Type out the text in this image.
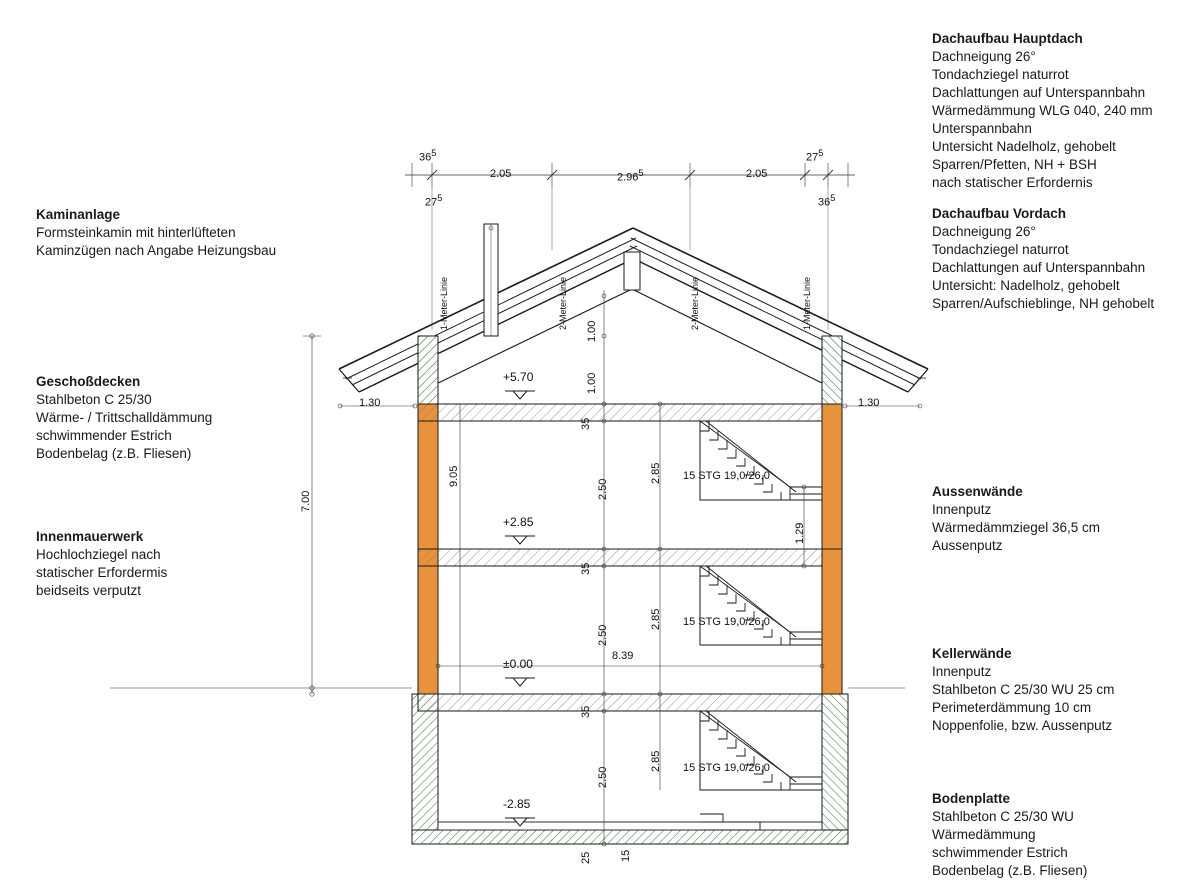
Kaminanlage
Formsteinkamin mit hinterlüfteten
Kaminzügen nach Angabe Heizungsbau
Geschoßdecken
Stahlbeton C 25/30
Wärme- / Trittschalldämmung
schwimmender Estrich
Bodenbelag (z.B. Fliesen)
Innenmauerwerk
Hochlochziegel nach
statischer Erfordermis
beidseits verputzt
Dachaufbau Hauptdach
Dachneigung 26°
Tondachziegel naturrot
Dachlattungen auf Unterspannbahn
Wärmedämmung WLG 040, 240 mm
Unterspannbahn
Untersicht Nadelholz, gehobelt
Sparren/Pfetten, NH + BSH
nach statischer Erfordernis
Dachaufbau Vordach
Dachneigung 26°
Tondachziegel naturrot
Dachlattungen auf Unterspannbahn
Untersicht: Nadelholz, gehobelt
Sparren/Aufschieblinge, NH gehobelt
Aussenwände
Innenputz
Wärmedämmziegel 36,5 cm
Aussenputz
Kellerwände
Innenputz
Stahlbeton C 25/30 WU 25 cm
Perimeterdämmung 10 cm
Noppenfolie, bzw. Aussenputz
Bodenplatte
Stahlbeton C 25/30 WU
Wärmedämmung
schwimmender Estrich
Bodenbelag (z.B. Fliesen)
$36^5$
2.05	2.96$^5$	2.05
$27^5$
$27^5$	$36^5$
1-Meter-Linie	2-Meter-Linie	2-Meter-Linie	1-Meter-Linie
+5.70
+2.85
±0.00
-2.85
7.00
9.05
1.00
1.00
35
2.50
2.85
35
2.50
2.85
35
2.50
2.85
1.29
25	15
1.30	1.30
8.39
15 STG 19,0/26,0
15 STG 19,0/26,0
15 STG 19,0/26,0
